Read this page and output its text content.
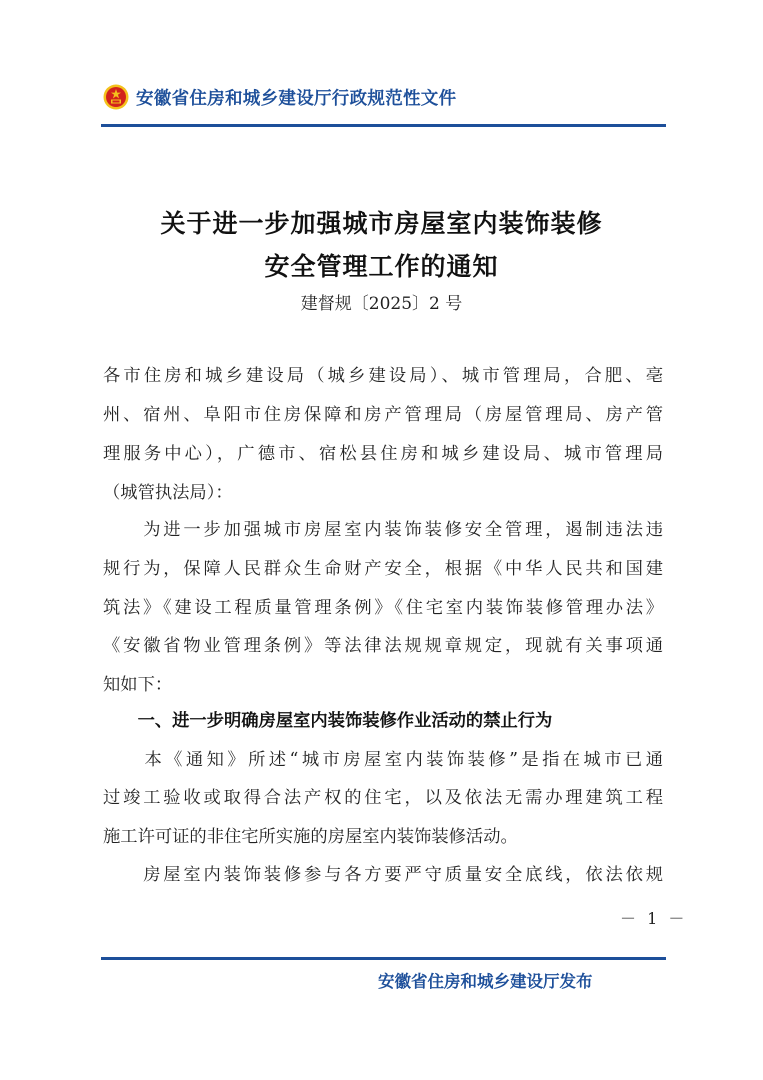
安徽省住房和城乡建设厅行政规范性文件
关于进一步加强城市房屋室内装饰装修
安全管理工作的通知
建督规〔2025〕2 号
各市住房和城乡建设局（城乡建设局）、城市管理局，合肥、亳
州、宿州、阜阳市住房保障和房产管理局（房屋管理局、房产管
理服务中心），广德市、宿松县住房和城乡建设局、城市管理局
（城管执法局）：
　　为进一步加强城市房屋室内装饰装修安全管理，遏制违法违
规行为，保障人民群众生命财产安全，根据《中华人民共和国建
筑法》《建设工程质量管理条例》《住宅室内装饰装修管理办法》
《安徽省物业管理条例》等法律法规规章规定，现就有关事项通
知如下：
　　一、进一步明确房屋室内装饰装修作业活动的禁止行为
　　本《通知》所述“城市房屋室内装饰装修”是指在城市已通
过竣工验收或取得合法产权的住宅，以及依法无需办理建筑工程
施工许可证的非住宅所实施的房屋室内装饰装修活动。
　　房屋室内装饰装修参与各方要严守质量安全底线，依法依规
－ 1 －
安徽省住房和城乡建设厅发布
